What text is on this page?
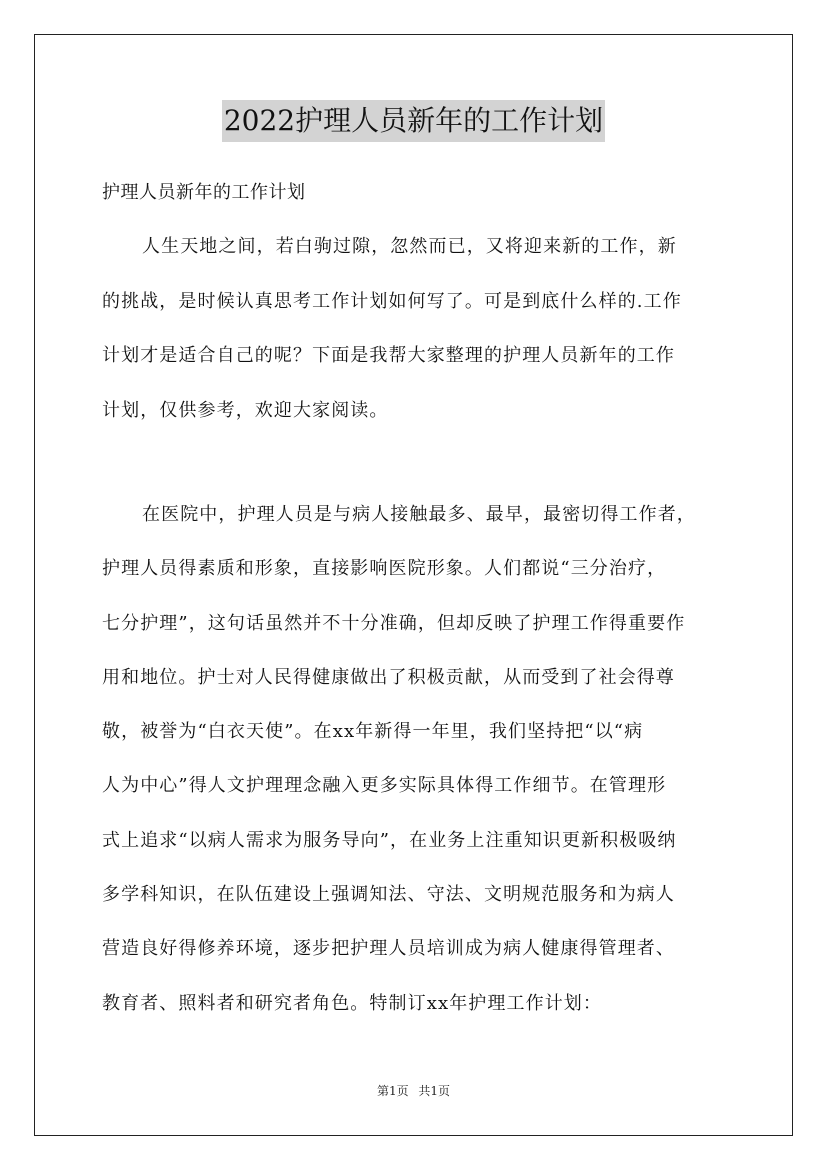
2022护理人员新年的工作计划
护理人员新年的工作计划
人生天地之间，若白驹过隙，忽然而已，又将迎来新的工作，新
的挑战，是时候认真思考工作计划如何写了。可是到底什么样的.工作
计划才是适合自己的呢？下面是我帮大家整理的护理人员新年的工作
计划，仅供参考，欢迎大家阅读。
在医院中，护理人员是与病人接触最多、最早，最密切得工作者，
护理人员得素质和形象，直接影响医院形象。人们都说“三分治疗，
七分护理”，这句话虽然并不十分准确，但却反映了护理工作得重要作
用和地位。护士对人民得健康做出了积极贡献，从而受到了社会得尊
敬，被誉为“白衣天使”。在xx年新得一年里，我们坚持把“以“病
人为中心”得人文护理理念融入更多实际具体得工作细节。在管理形
式上追求“以病人需求为服务导向”，在业务上注重知识更新积极吸纳
多学科知识，在队伍建设上强调知法、守法、文明规范服务和为病人
营造良好得修养环境，逐步把护理人员培训成为病人健康得管理者、
教育者、照料者和研究者角色。特制订xx年护理工作计划：
第1页 共1页
